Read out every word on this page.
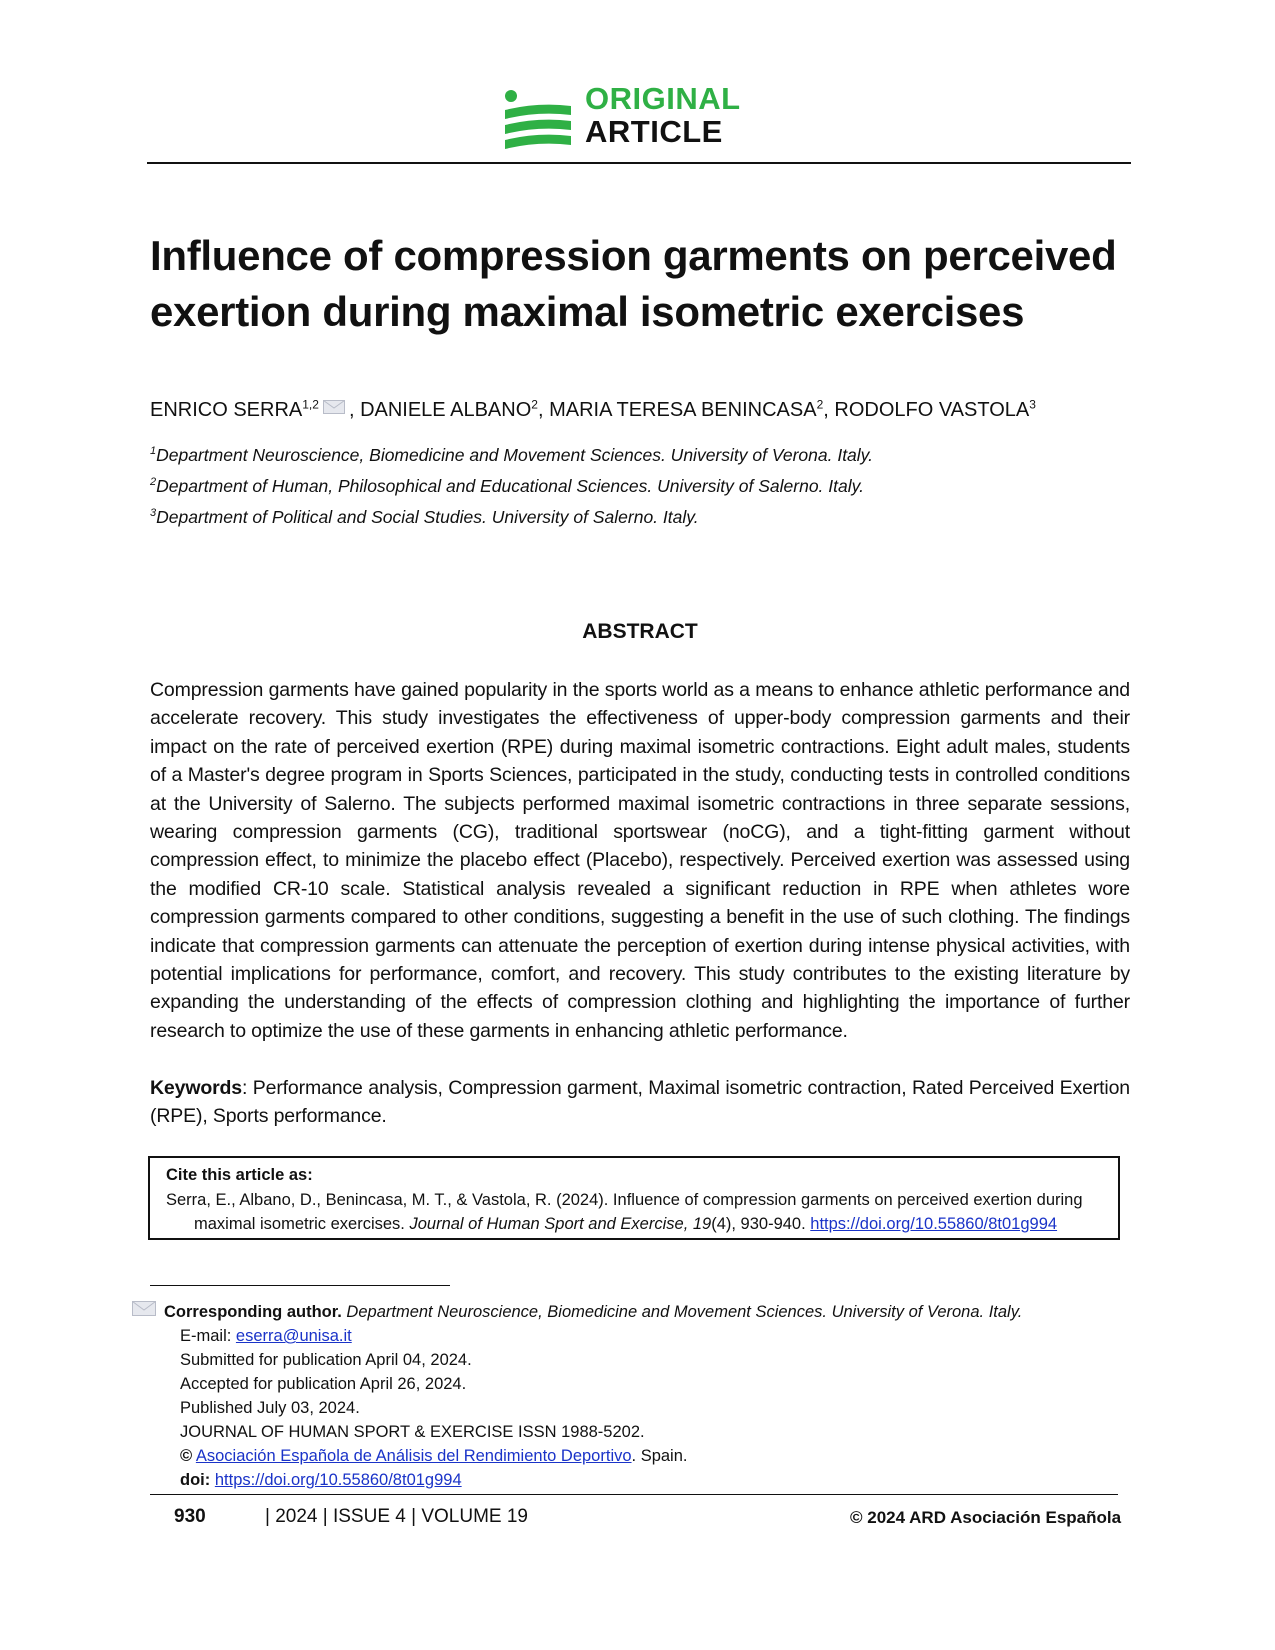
ORIGINAL
ARTICLE
Influence of compression garments on perceived exertion during maximal isometric exercises
ENRICO SERRA$^{1,2}$ , DANIELE ALBANO$^2$, MARIA TERESA BENINCASA$^2$, RODOLFO VASTOLA$^3$
$^1$Department Neuroscience, Biomedicine and Movement Sciences. University of Verona. Italy.
$^2$Department of Human, Philosophical and Educational Sciences. University of Salerno. Italy.
$^3$Department of Political and Social Studies. University of Salerno. Italy.
ABSTRACT
Compression garments have gained popularity in the sports world as a means to enhance athletic performance and accelerate recovery. This study investigates the effectiveness of upper-body compression garments and their impact on the rate of perceived exertion (RPE) during maximal isometric contractions. Eight adult males, students of a Master's degree program in Sports Sciences, participated in the study, conducting tests in controlled conditions at the University of Salerno. The subjects performed maximal isometric contractions in three separate sessions, wearing compression garments (CG), traditional sportswear (noCG), and a tight-fitting garment without compression effect, to minimize the placebo effect (Placebo), respectively. Perceived exertion was assessed using the modified CR-10 scale. Statistical analysis revealed a significant reduction in RPE when athletes wore compression garments compared to other conditions, suggesting a benefit in the use of such clothing. The findings indicate that compression garments can attenuate the perception of exertion during intense physical activities, with potential implications for performance, comfort, and recovery. This study contributes to the existing literature by expanding the understanding of the effects of compression clothing and highlighting the importance of further research to optimize the use of these garments in enhancing athletic performance.
Keywords: Performance analysis, Compression garment, Maximal isometric contraction, Rated Perceived Exertion (RPE), Sports performance.
Cite this article as:
Serra, E., Albano, D., Benincasa, M. T., & Vastola, R. (2024). Influence of compression garments on perceived exertion during
maximal isometric exercises. Journal of Human Sport and Exercise, 19(4), 930-940. https://doi.org/10.55860/8t01g994
Corresponding author. Department Neuroscience, Biomedicine and Movement Sciences. University of Verona. Italy.
E-mail: eserra@unisa.it
Submitted for publication April 04, 2024.
Accepted for publication April 26, 2024.
Published July 03, 2024.
JOURNAL OF HUMAN SPORT & EXERCISE ISSN 1988-5202.
© Asociación Española de Análisis del Rendimiento Deportivo. Spain.
doi: https://doi.org/10.55860/8t01g994
930	| 2024 | ISSUE 4 | VOLUME 19	© 2024 ARD Asociación Española
